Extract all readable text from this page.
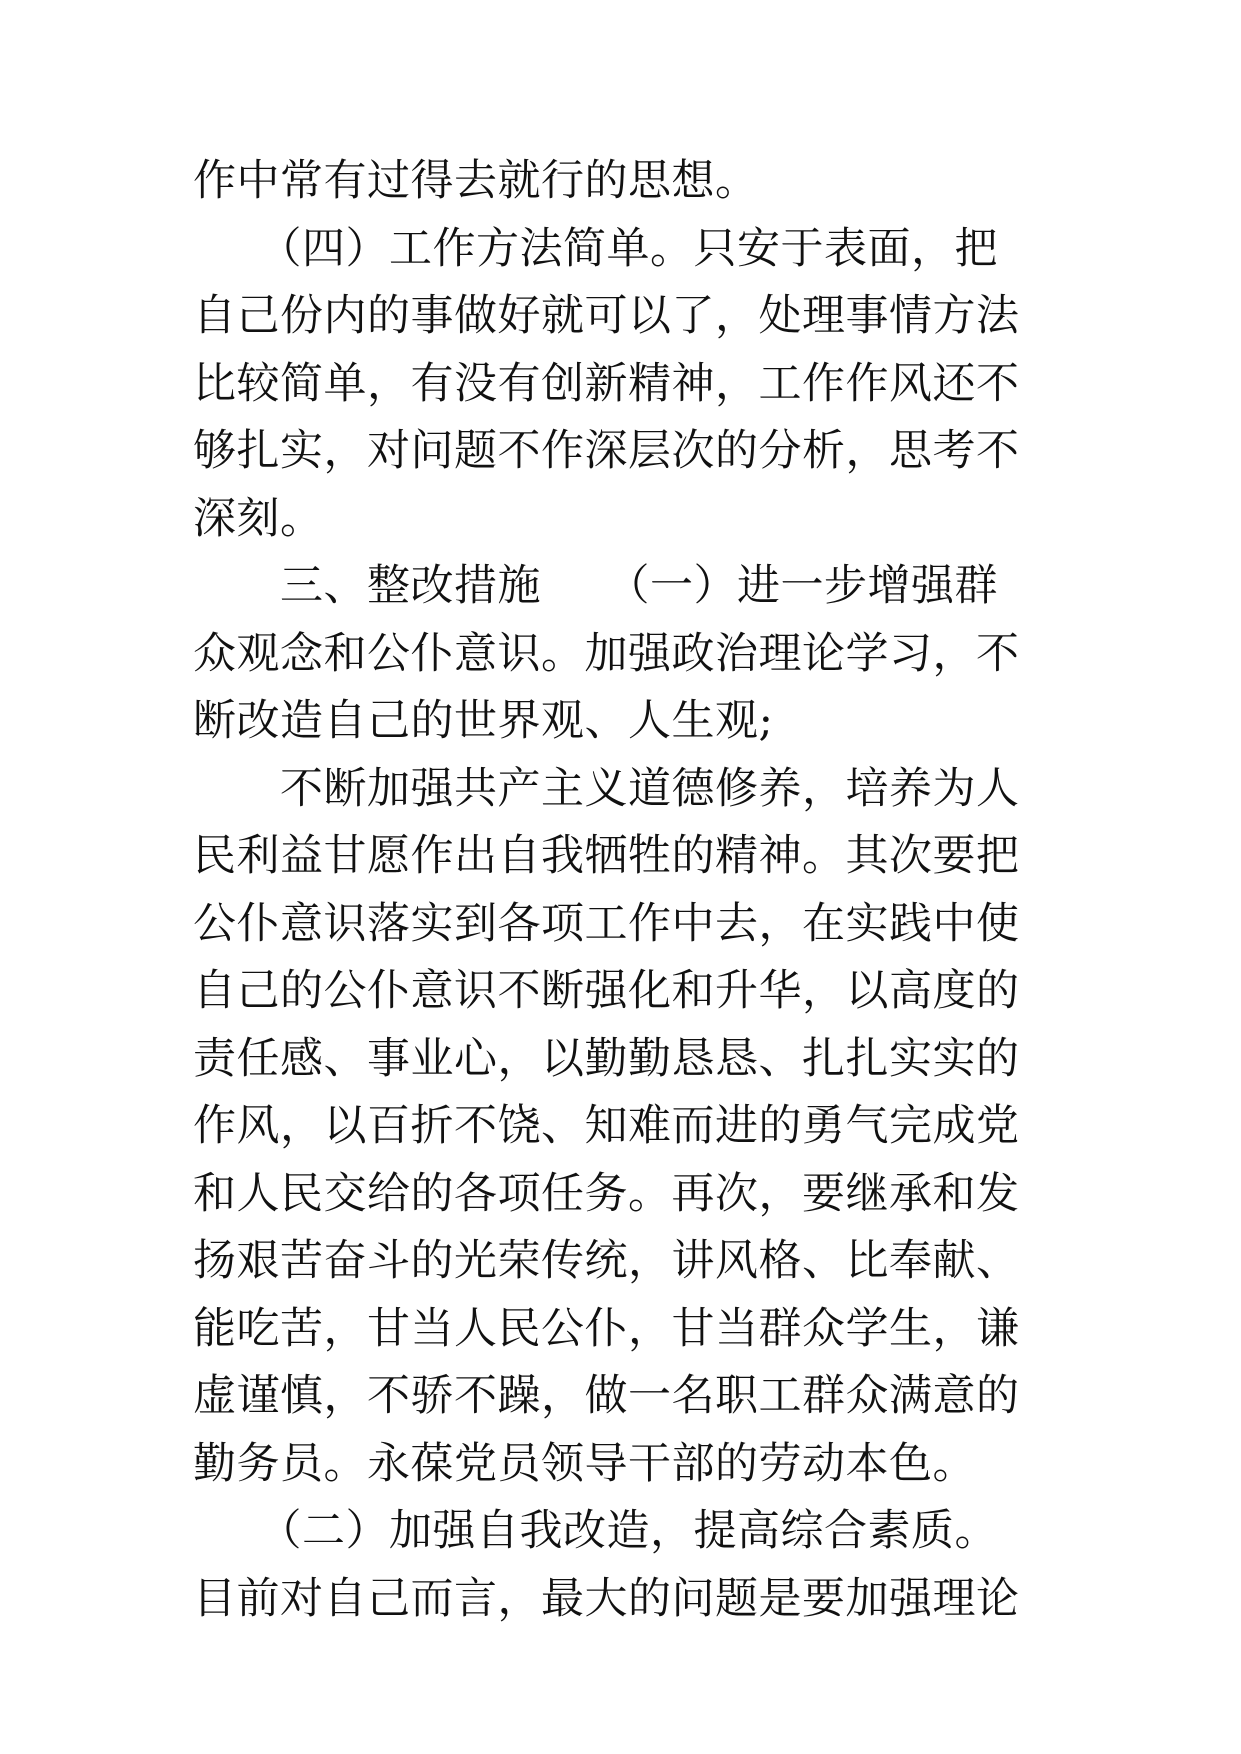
作中常有过得去就行的思想。
　　（四）工作方法简单。只安于表面，把
自己份内的事做好就可以了，处理事情方法
比较简单，有没有创新精神，工作作风还不
够扎实，对问题不作深层次的分析，思考不
深刻。
　　三、整改措施　　（一）进一步增强群
众观念和公仆意识。加强政治理论学习，不
断改造自己的世界观、人生观;
　　不断加强共产主义道德修养，培养为人
民利益甘愿作出自我牺牲的精神。其次要把
公仆意识落实到各项工作中去，在实践中使
自己的公仆意识不断强化和升华，以高度的
责任感、事业心，以勤勤恳恳、扎扎实实的
作风，以百折不饶、知难而进的勇气完成党
和人民交给的各项任务。再次，要继承和发
扬艰苦奋斗的光荣传统，讲风格、比奉献、
能吃苦，甘当人民公仆，甘当群众学生，谦
虚谨慎，不骄不躁，做一名职工群众满意的
勤务员。永葆党员领导干部的劳动本色。
　　（二）加强自我改造，提高综合素质。
目前对自己而言，最大的问题是要加强理论
